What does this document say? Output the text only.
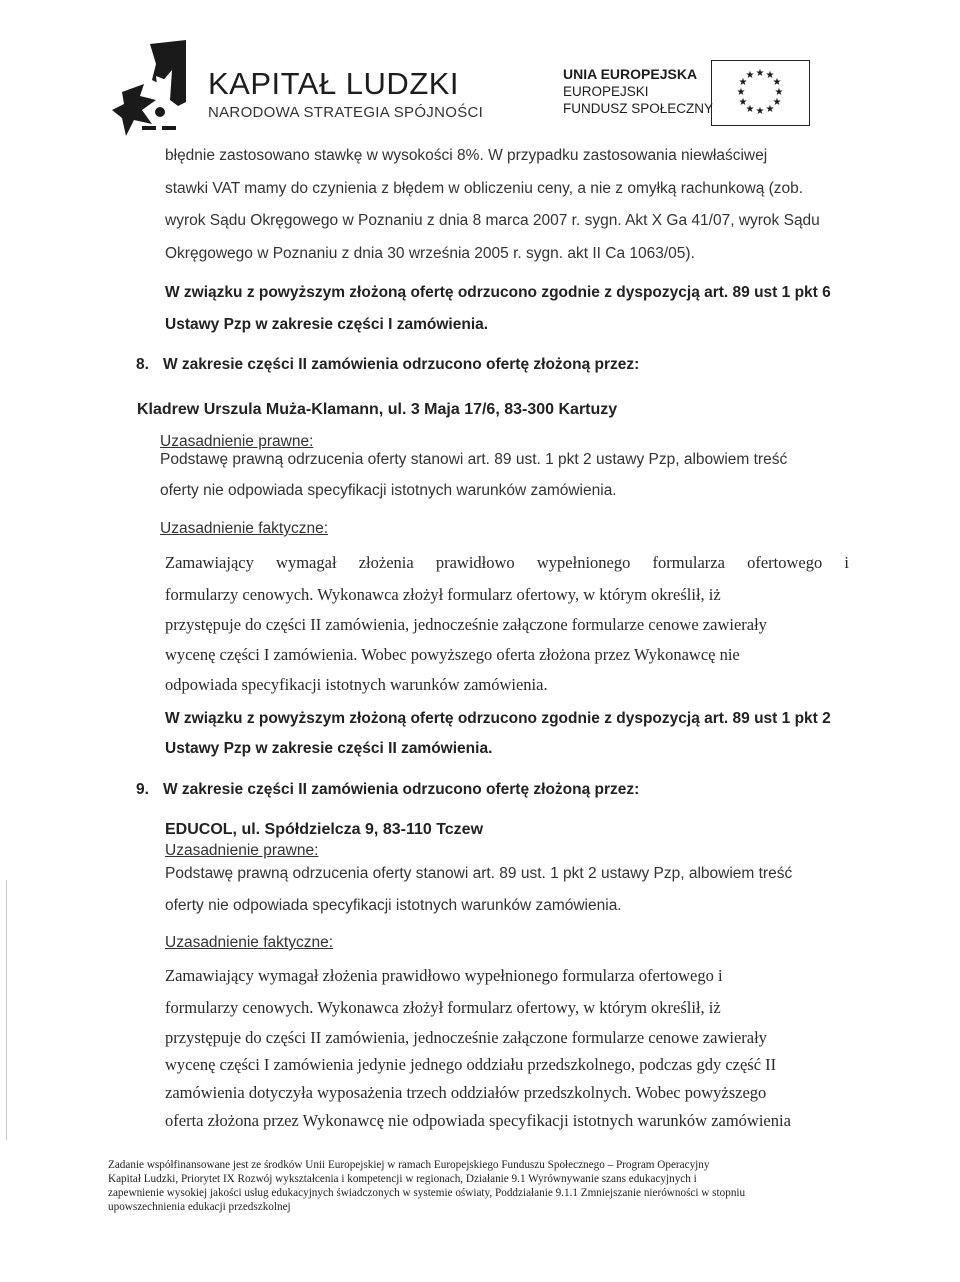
KAPITAŁ LUDZKI
NARODOWA STRATEGIA SPÓJNOŚCI
UNIA EUROPEJSKA
EUROPEJSKI
FUNDUSZ SPOŁECZNY
★ ★
★
★
★
★
★
★
★
★
★
★
błędnie zastosowano stawkę w wysokości 8%. W przypadku zastosowania niewłaściwej
stawki VAT mamy do czynienia z błędem w obliczeniu ceny, a nie z omyłką rachunkową (zob.
wyrok Sądu Okręgowego w Poznaniu z dnia 8 marca 2007 r. sygn. Akt X Ga 41/07, wyrok Sądu
Okręgowego w Poznaniu z dnia 30 września 2005 r. sygn. akt II Ca 1063/05).
W związku z powyższym złożoną ofertę odrzucono zgodnie z dyspozycją art. 89 ust 1 pkt 6
Ustawy Pzp w zakresie części I zamówienia.
8. W zakresie części II zamówienia odrzucono ofertę złożoną przez:
Kladrew Urszula Muża-Klamann, ul. 3 Maja 17/6, 83-300 Kartuzy
Uzasadnienie prawne:
Podstawę prawną odrzucenia oferty stanowi art. 89 ust. 1 pkt 2 ustawy Pzp, albowiem treść
oferty nie odpowiada specyfikacji istotnych warunków zamówienia.
Uzasadnienie faktyczne:
Zamawiający wymagał złożenia prawidłowo wypełnionego formularza ofertowego i
formularzy cenowych. Wykonawca złożył formularz ofertowy, w którym określił, iż
przystępuje do części II zamówienia, jednocześnie załączone formularze cenowe zawierały
wycenę części I zamówienia. Wobec powyższego oferta złożona przez Wykonawcę nie
odpowiada specyfikacji istotnych warunków zamówienia.
W związku z powyższym złożoną ofertę odrzucono zgodnie z dyspozycją art. 89 ust 1 pkt 2
Ustawy Pzp w zakresie części II zamówienia.
9. W zakresie części II zamówienia odrzucono ofertę złożoną przez:
EDUCOL, ul. Spółdzielcza 9, 83-110 Tczew
Uzasadnienie prawne:
Podstawę prawną odrzucenia oferty stanowi art. 89 ust. 1 pkt 2 ustawy Pzp, albowiem treść
oferty nie odpowiada specyfikacji istotnych warunków zamówienia.
Uzasadnienie faktyczne:
Zamawiający wymagał złożenia prawidłowo wypełnionego formularza ofertowego i
formularzy cenowych. Wykonawca złożył formularz ofertowy, w którym określił, iż
przystępuje do części II zamówienia, jednocześnie załączone formularze cenowe zawierały
wycenę części I zamówienia jedynie jednego oddziału przedszkolnego, podczas gdy część II
zamówienia dotyczyła wyposażenia trzech oddziałów przedszkolnych. Wobec powyższego
oferta złożona przez Wykonawcę nie odpowiada specyfikacji istotnych warunków zamówienia
Zadanie współfinansowane jest ze środków Unii Europejskiej w ramach Europejskiego Funduszu Społecznego – Program Operacyjny
Kapitał Ludzki, Priorytet IX Rozwój wykształcenia i kompetencji w regionach, Działanie 9.1 Wyrównywanie szans edukacyjnych i
zapewnienie wysokiej jakości usług edukacyjnych świadczonych w systemie oświaty, Poddziałanie 9.1.1 Zmniejszanie nierówności w stopniu
upowszechnienia edukacji przedszkolnej
